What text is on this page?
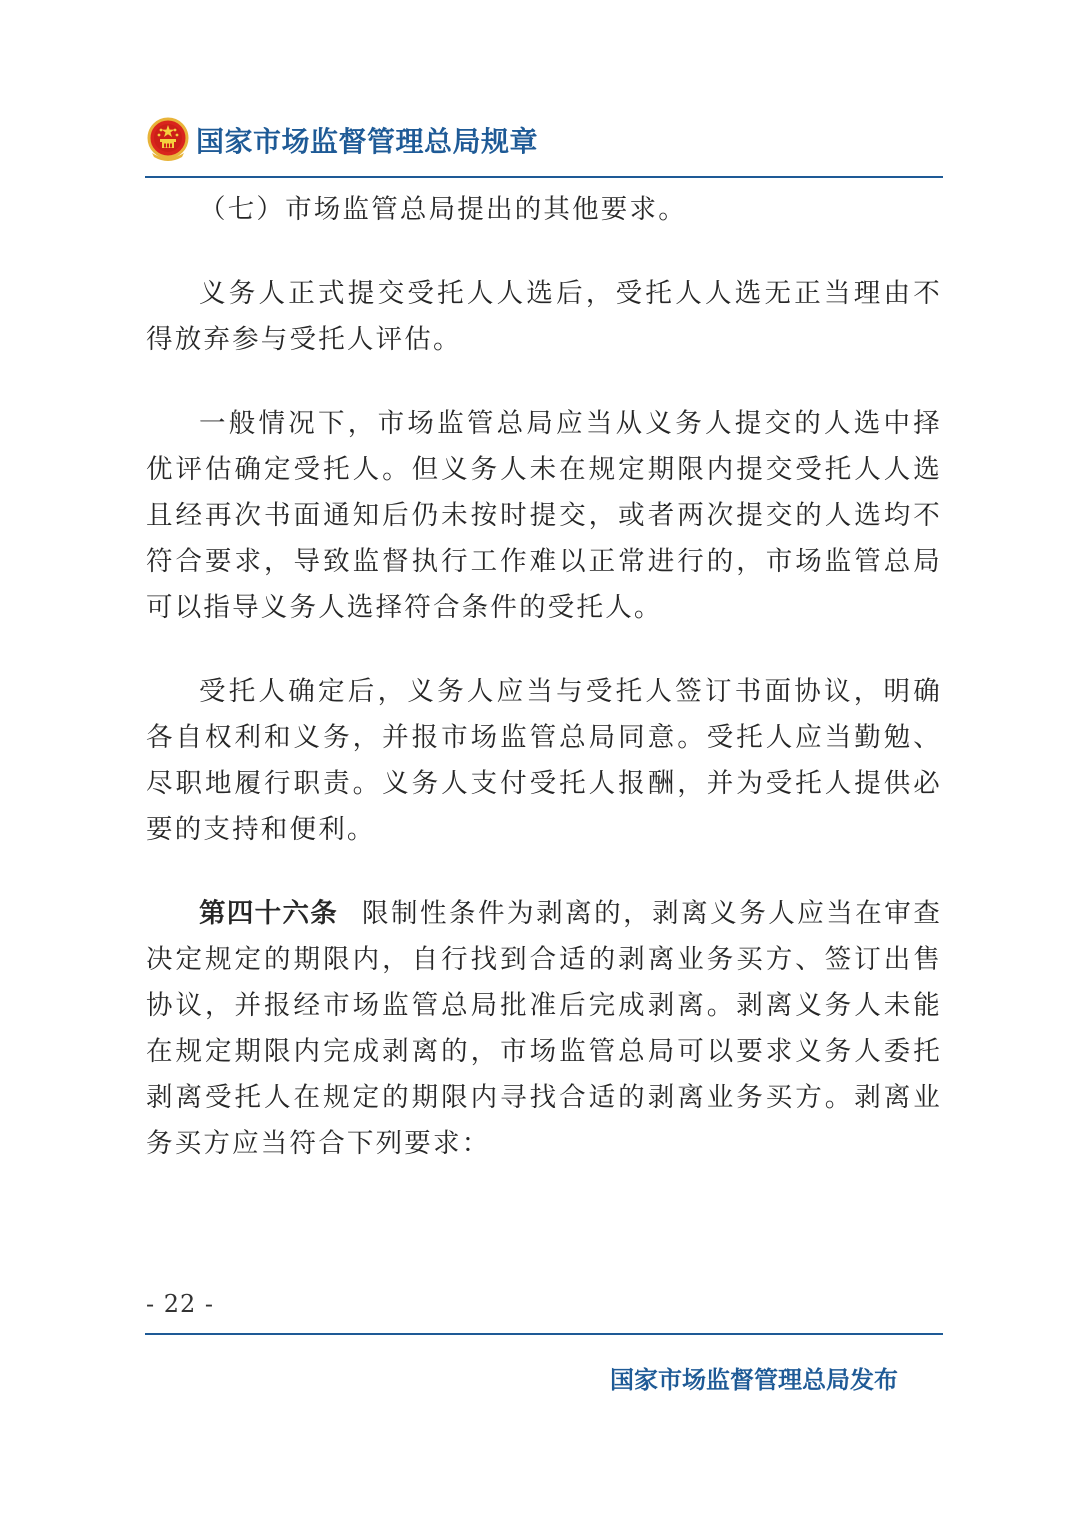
国家市场监督管理总局规章

（七）市场监管总局提出的其他要求。

义务人正式提交受托人人选后，受托人人选无正当理由不得放弃参与受托人评估。

一般情况下，市场监管总局应当从义务人提交的人选中择优评估确定受托人。但义务人未在规定期限内提交受托人人选且经再次书面通知后仍未按时提交，或者两次提交的人选均不符合要求，导致监督执行工作难以正常进行的，市场监管总局可以指导义务人选择符合条件的受托人。

受托人确定后，义务人应当与受托人签订书面协议，明确各自权利和义务，并报市场监管总局同意。受托人应当勤勉、尽职地履行职责。义务人支付受托人报酬，并为受托人提供必要的支持和便利。

第四十六条 限制性条件为剥离的，剥离义务人应当在审查决定规定的期限内，自行找到合适的剥离业务买方、签订出售协议，并报经市场监管总局批准后完成剥离。剥离义务人未能在规定期限内完成剥离的，市场监管总局可以要求义务人委托剥离受托人在规定的期限内寻找合适的剥离业务买方。剥离业务买方应当符合下列要求：

- 22 -
国家市场监督管理总局发布
